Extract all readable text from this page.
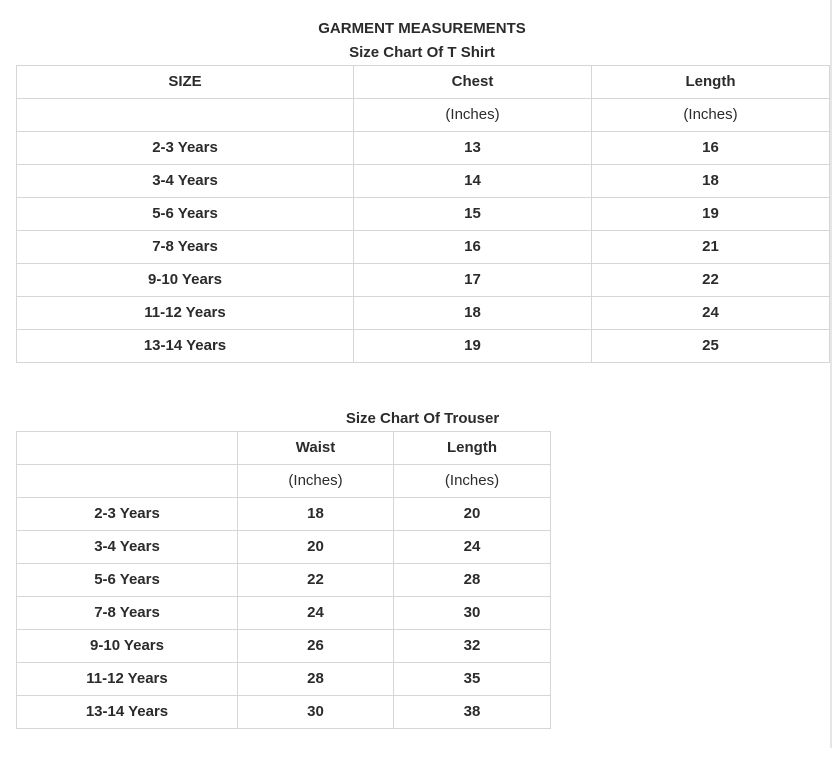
GARMENT MEASUREMENTS
Size Chart Of T Shirt
SIZE	Chest	Length
	(Inches)	(Inches)
2-3 Years	13	16
3-4 Years	14	18
5-6 Years	15	19
7-8 Years	16	21
9-10 Years	17	22
11-12 Years	18	24
13-14 Years	19	25
Size Chart Of Trouser
	Waist	Length
	(Inches)	(Inches)
2-3 Years	18	20
3-4 Years	20	24
5-6 Years	22	28
7-8 Years	24	30
9-10 Years	26	32
11-12 Years	28	35
13-14 Years	30	38
